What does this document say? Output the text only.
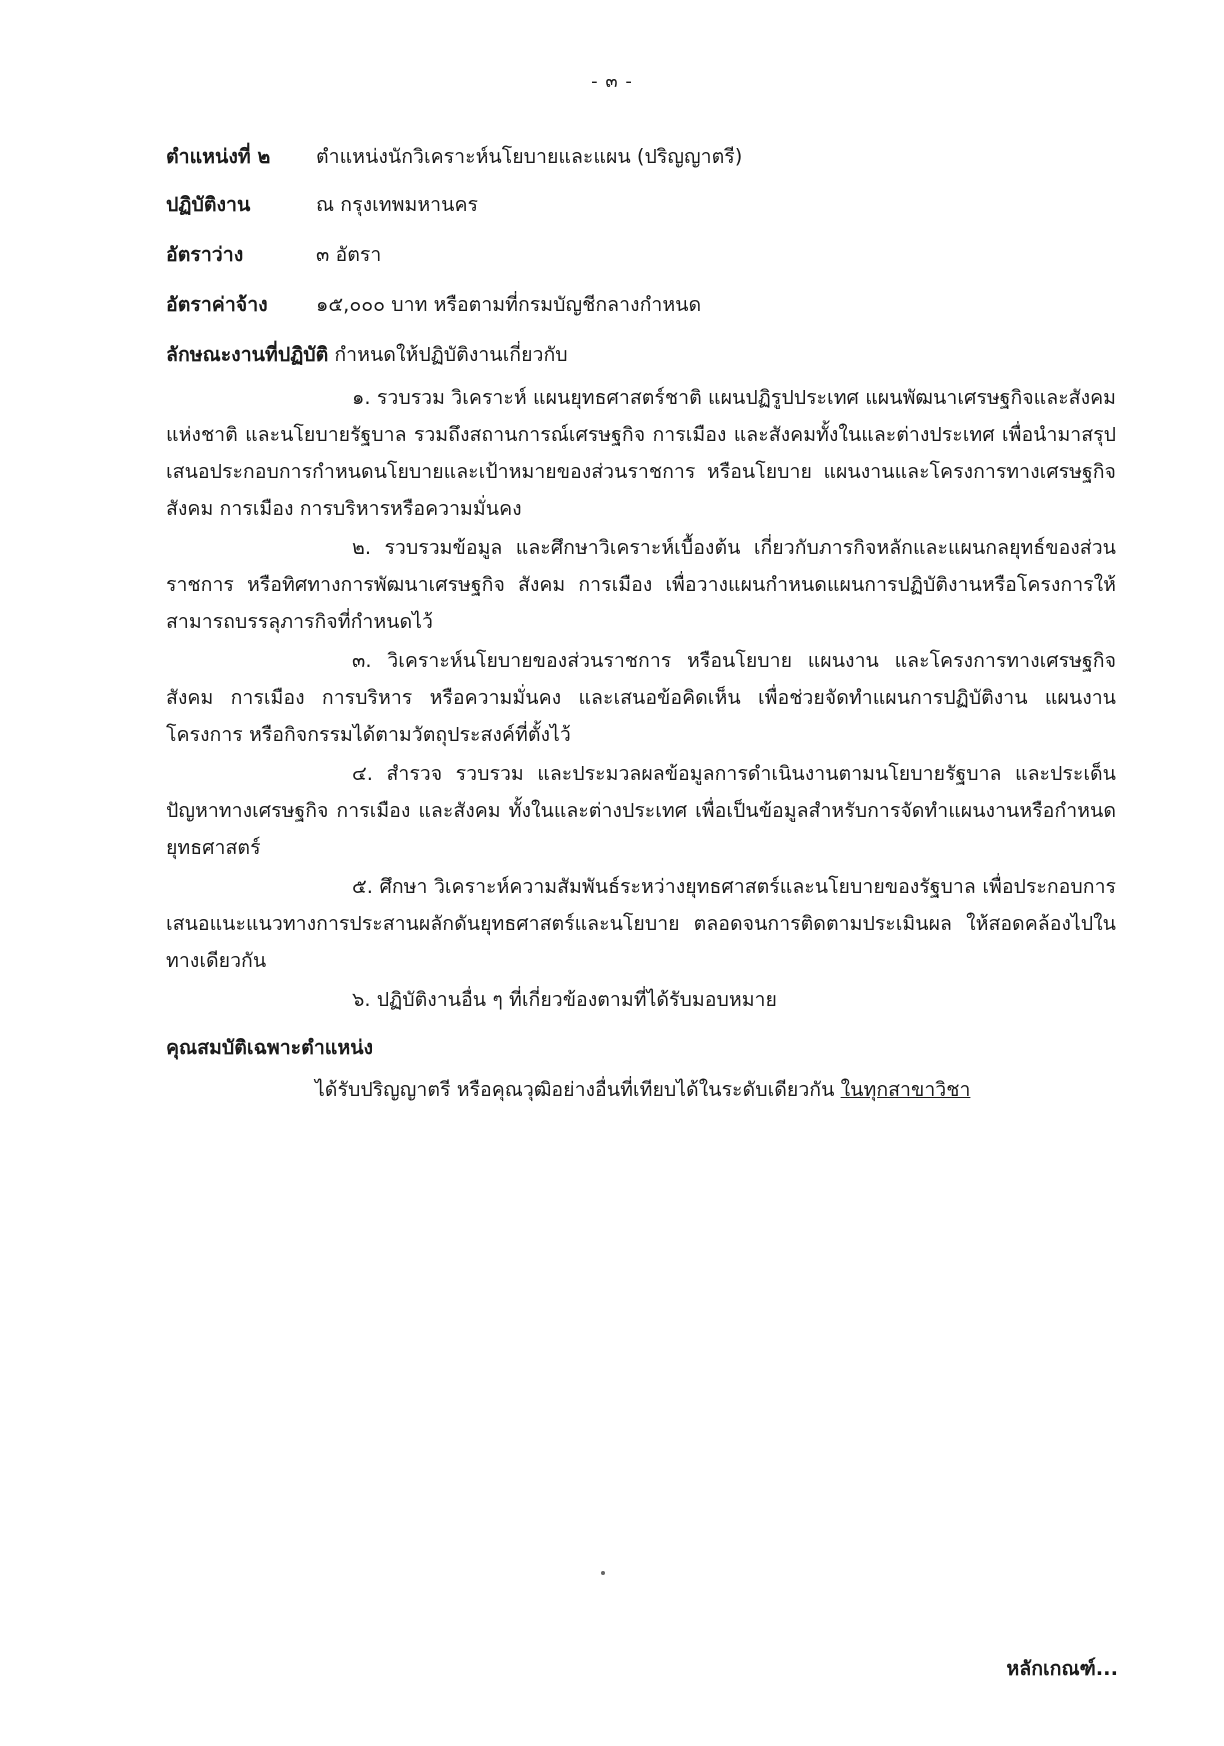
- ๓ -
ตำแหน่งที่ ๒ ตำแหน่งนักวิเคราะห์นโยบายและแผน (ปริญญาตรี)
ปฏิบัติงาน	ณ กรุงเทพมหานคร
อัตราว่าง	๓ อัตรา
อัตราค่าจ้าง ๑๕,๐๐๐ บาท หรือตามที่กรมบัญชีกลางกำหนด
ลักษณะงานที่ปฏิบัติ กำหนดให้ปฏิบัติงานเกี่ยวกับ

๑. รวบรวม วิเคราะห์ แผนยุทธศาสตร์ชาติ แผนปฏิรูปประเทศ แผนพัฒนาเศรษฐกิจและสังคมแห่งชาติ และนโยบายรัฐบาล รวมถึงสถานการณ์เศรษฐกิจ การเมือง และสังคมทั้งในและต่างประเทศ เพื่อนำมาสรุปเสนอประกอบการกำหนดนโยบายและเป้าหมายของส่วนราชการ หรือนโยบาย แผนงานและโครงการทางเศรษฐกิจ สังคม การเมือง การบริหารหรือความมั่นคง

๒. รวบรวมข้อมูล และศึกษาวิเคราะห์เบื้องต้น เกี่ยวกับภารกิจหลักและแผนกลยุทธ์ของส่วนราชการ หรือทิศทางการพัฒนาเศรษฐกิจ สังคม การเมือง เพื่อวางแผนกำหนดแผนการปฏิบัติงานหรือโครงการให้สามารถบรรลุภารกิจที่กำหนดไว้

๓. วิเคราะห์นโยบายของส่วนราชการ หรือนโยบาย แผนงาน และโครงการทางเศรษฐกิจสังคม การเมือง การบริหาร หรือความมั่นคง และเสนอข้อคิดเห็น เพื่อช่วยจัดทำแผนการปฏิบัติงาน แผนงานโครงการ หรือกิจกรรมได้ตามวัตถุประสงค์ที่ตั้งไว้

๔. สำรวจ รวบรวม และประมวลผลข้อมูลการดำเนินงานตามนโยบายรัฐบาล และประเด็นปัญหาทางเศรษฐกิจ การเมือง และสังคม ทั้งในและต่างประเทศ เพื่อเป็นข้อมูลสำหรับการจัดทำแผนงานหรือกำหนดยุทธศาสตร์

๕. ศึกษา วิเคราะห์ความสัมพันธ์ระหว่างยุทธศาสตร์และนโยบายของรัฐบาล เพื่อประกอบการเสนอแนะแนวทางการประสานผลักดันยุทธศาสตร์และนโยบาย ตลอดจนการติดตามประเมินผล ให้สอดคล้องไปในทางเดียวกัน

๖. ปฏิบัติงานอื่น ๆ ที่เกี่ยวข้องตามที่ได้รับมอบหมาย

คุณสมบัติเฉพาะตำแหน่ง
ได้รับปริญญาตรี หรือคุณวุฒิอย่างอื่นที่เทียบได้ในระดับเดียวกัน ในทุกสาขาวิชา
หลักเกณฑ์...
